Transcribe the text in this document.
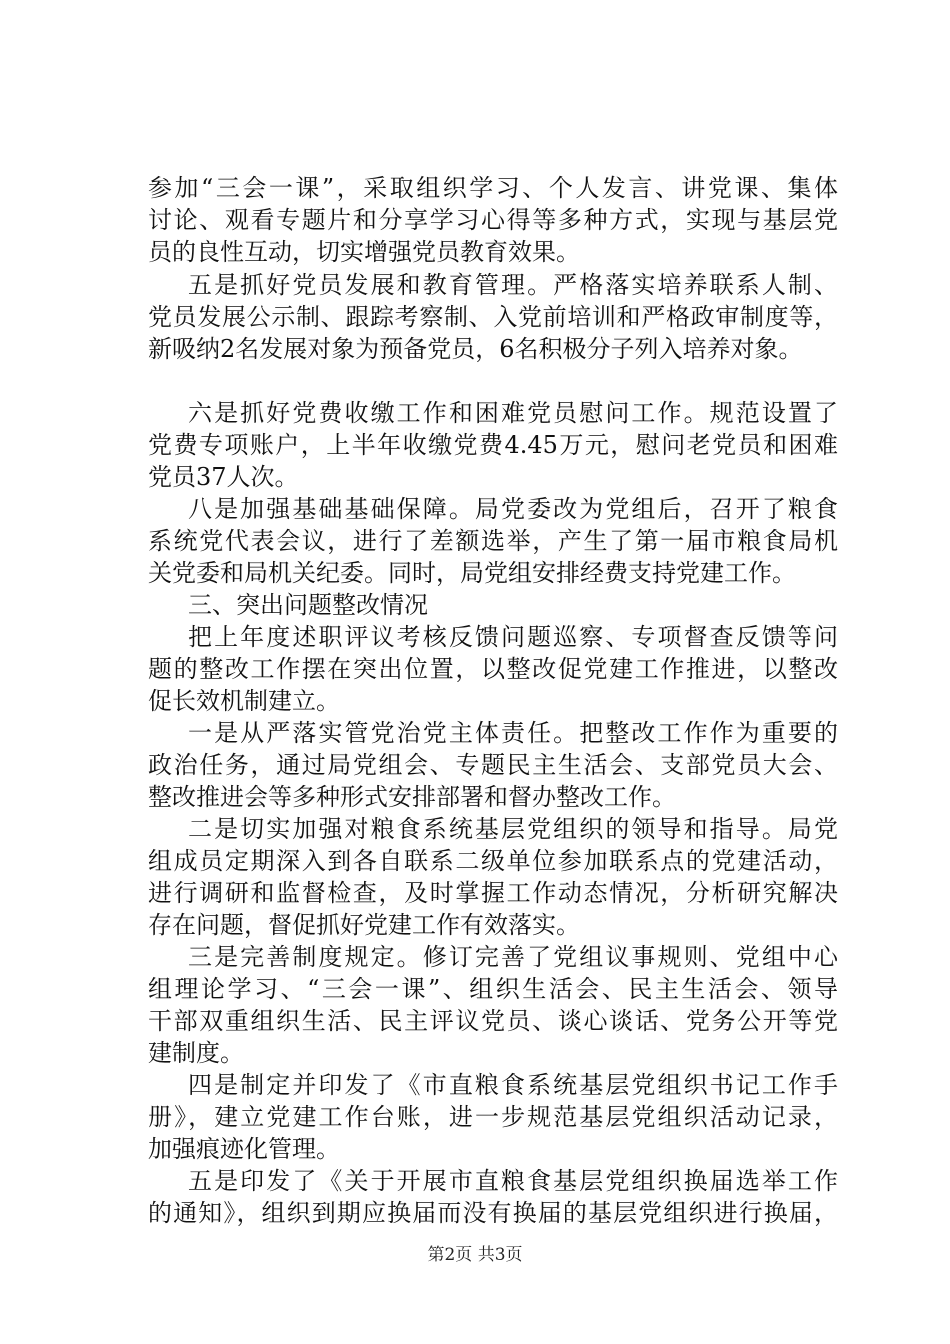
参加“三会一课”，采取组织学习、个人发言、讲党课、集体
讨论、观看专题片和分享学习心得等多种方式，实现与基层党
员的良性互动，切实增强党员教育效果。
五是抓好党员发展和教育管理。严格落实培养联系人制、
党员发展公示制、跟踪考察制、入党前培训和严格政审制度等，
新吸纳2名发展对象为预备党员，6名积极分子列入培养对象。
六是抓好党费收缴工作和困难党员慰问工作。规范设置了
党费专项账户，上半年收缴党费4.45万元，慰问老党员和困难
党员37人次。
八是加强基础基础保障。局党委改为党组后，召开了粮食
系统党代表会议，进行了差额选举，产生了第一届市粮食局机
关党委和局机关纪委。同时，局党组安排经费支持党建工作。
三、突出问题整改情况
把上年度述职评议考核反馈问题巡察、专项督查反馈等问
题的整改工作摆在突出位置，以整改促党建工作推进，以整改
促长效机制建立。
一是从严落实管党治党主体责任。把整改工作作为重要的
政治任务，通过局党组会、专题民主生活会、支部党员大会、
整改推进会等多种形式安排部署和督办整改工作。
二是切实加强对粮食系统基层党组织的领导和指导。局党
组成员定期深入到各自联系二级单位参加联系点的党建活动，
进行调研和监督检查，及时掌握工作动态情况，分析研究解决
存在问题，督促抓好党建工作有效落实。
三是完善制度规定。修订完善了党组议事规则、党组中心
组理论学习、“三会一课”、组织生活会、民主生活会、领导
干部双重组织生活、民主评议党员、谈心谈话、党务公开等党
建制度。
四是制定并印发了《市直粮食系统基层党组织书记工作手
册》，建立党建工作台账，进一步规范基层党组织活动记录，
加强痕迹化管理。
五是印发了《关于开展市直粮食基层党组织换届选举工作
的通知》，组织到期应换届而没有换届的基层党组织进行换届，
第2页 共3页
